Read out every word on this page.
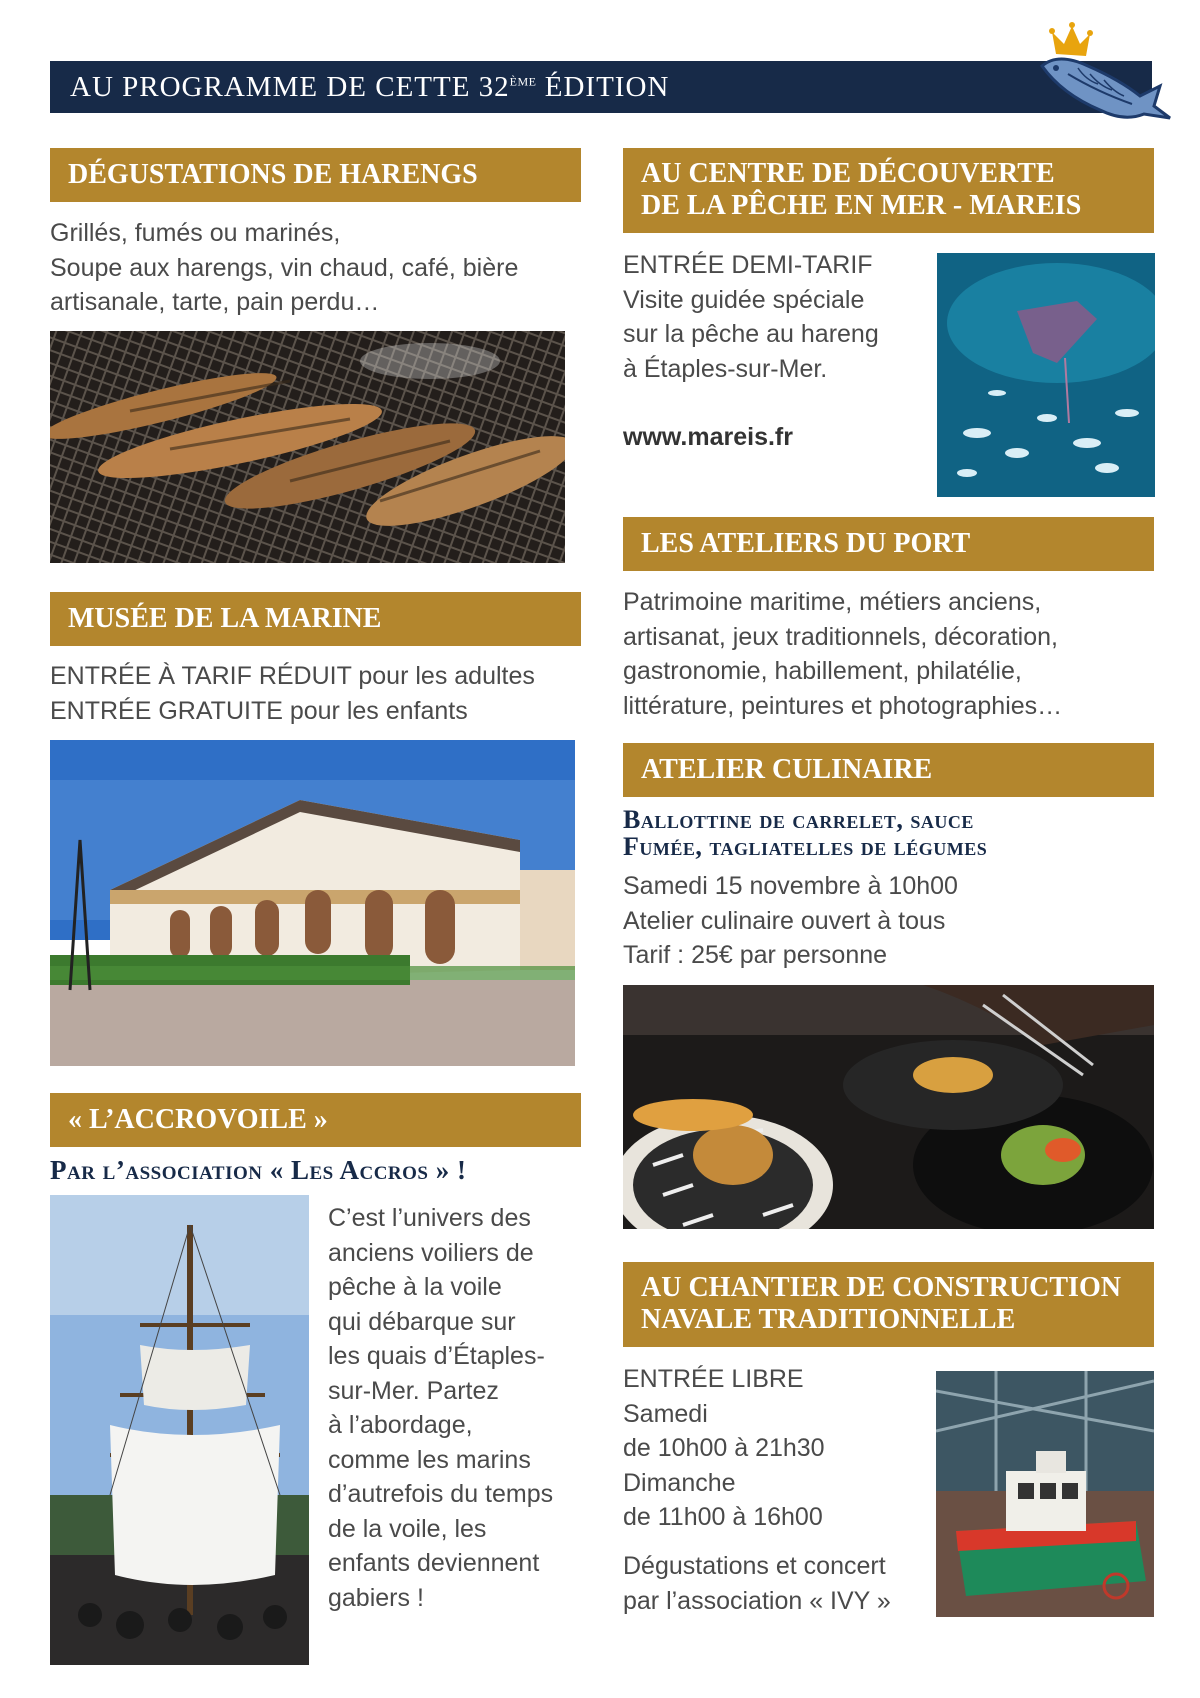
AU PROGRAMME DE CETTE 32ÈME ÉDITION
DÉGUSTATIONS DE HARENGS
Grillés, fumés ou marinés,
Soupe aux harengs, vin chaud, café, bière
artisanale, tarte, pain perdu…
MUSÉE DE LA MARINE
ENTRÉE À TARIF RÉDUIT pour les adultes
ENTRÉE GRATUITE pour les enfants
« L’ACCROVOILE »
Par l’association « Les Accros » !
C’est l’univers des
anciens voiliers de
pêche à la voile
qui débarque sur
les quais d’Étaples-
sur-Mer. Partez
à l’abordage,
comme les marins
d’autrefois du temps
de la voile, les
enfants deviennent
gabiers !
AU CENTRE DE DÉCOUVERTE
DE LA PÊCHE EN MER - MAREIS
ENTRÉE DEMI-TARIF
Visite guidée spéciale
sur la pêche au hareng
à Étaples-sur-Mer.
www.mareis.fr
LES ATELIERS DU PORT
Patrimoine maritime, métiers anciens,
artisanat, jeux traditionnels, décoration,
gastronomie, habillement, philatélie,
littérature, peintures et photographies…
ATELIER CULINAIRE
Ballottine de carrelet, sauce
Fumée, tagliatelles de légumes
Samedi 15 novembre à 10h00
Atelier culinaire ouvert à tous
Tarif : 25€ par personne
AU CHANTIER DE CONSTRUCTION
NAVALE TRADITIONNELLE
ENTRÉE LIBRE
Samedi
de 10h00 à 21h30
Dimanche
de 11h00 à 16h00
Dégustations et concert
par l’association « IVY »
